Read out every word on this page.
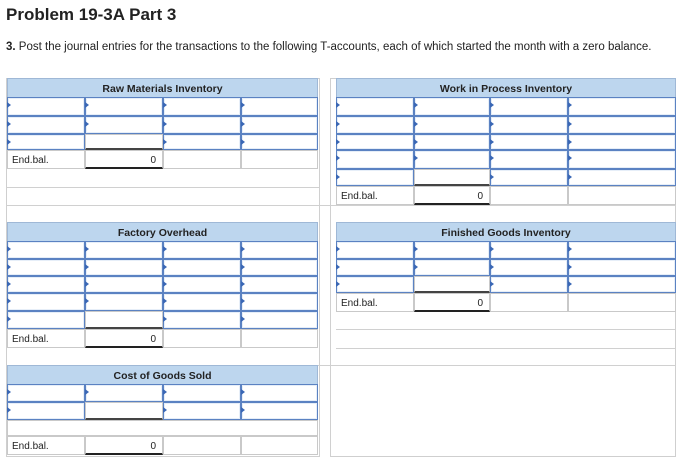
Problem 19-3A Part 3
3. Post the journal entries for the transactions to the following T-accounts, each of which started the month with a zero balance.
Raw Materials Inventory
End.bal.	0
Work in Process Inventory
End.bal.	0
Factory Overhead
End.bal.	0
Finished Goods Inventory
End.bal.	0
Cost of Goods Sold
End.bal.	0
